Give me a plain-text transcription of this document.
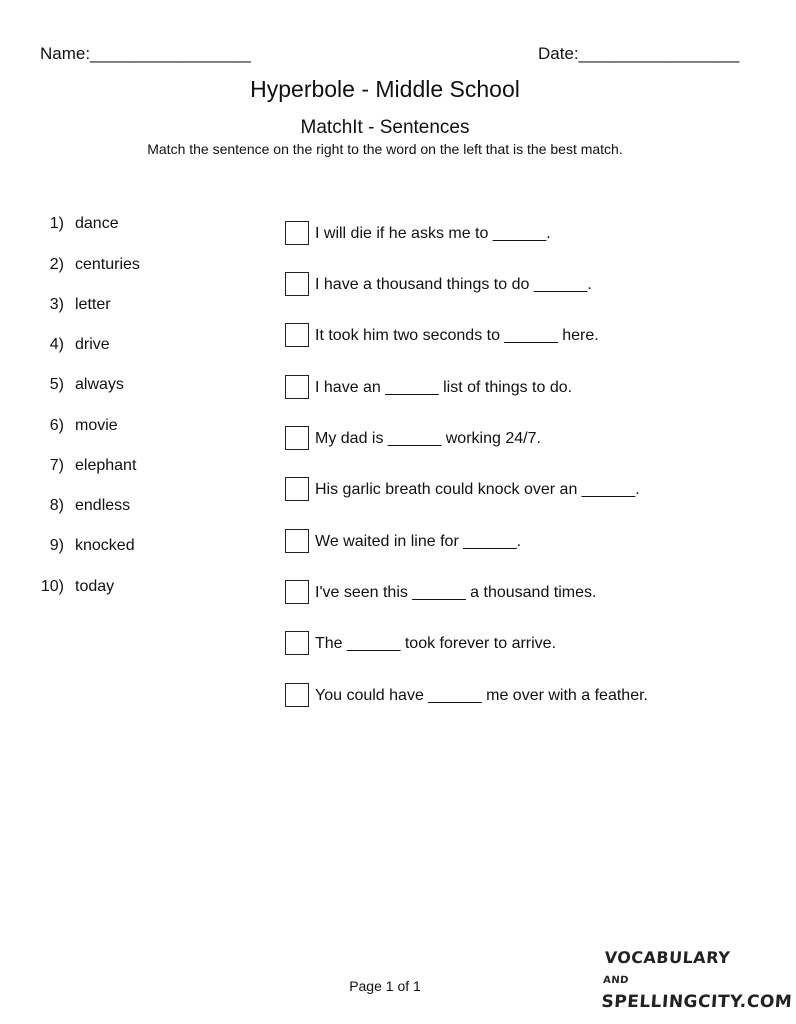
Name:_________________	Date:_________________
Hyperbole - Middle School
MatchIt - Sentences
Match the sentence on the right to the word on the left that is the best match.
1) dance
2) centuries
3) letter
4) drive
5) always
6) movie
7) elephant
8) endless
9) knocked
10) today
I will die if he asks me to ______.
I have a thousand things to do ______.
It took him two seconds to ______ here.
I have an ______ list of things to do.
My dad is ______ working 24/7.
His garlic breath could knock over an ______.
We waited in line for ______.
I've seen this ______ a thousand times.
The ______ took forever to arrive.
You could have ______ me over with a feather.
Page 1 of 1
VOCABULARY AND
SPELLINGCITY.COM
